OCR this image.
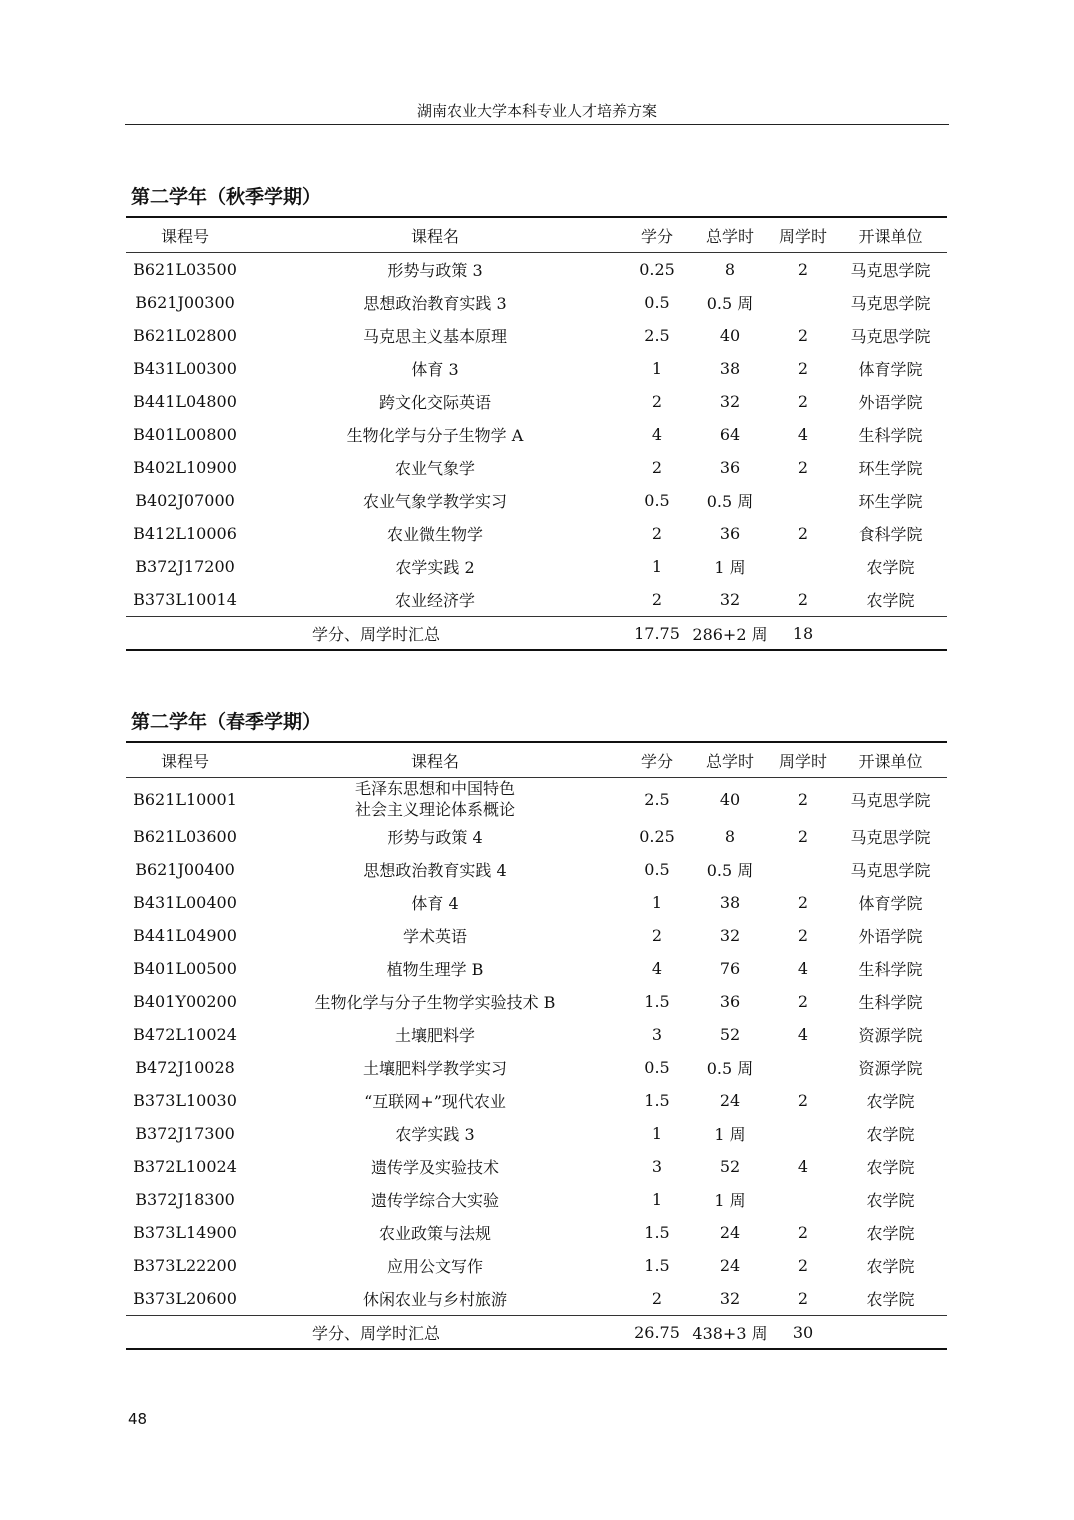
湖南农业大学本科专业人才培养方案
第二学年（秋季学期）
课程号	课程名	学分	总学时	周学时	开课单位
B621L03500	形势与政策 3	0.25	8	2	马克思学院
B621J00300	思想政治教育实践 3	0.5	0.5 周		马克思学院
B621L02800	马克思主义基本原理	2.5	40	2	马克思学院
B431L00300	体育 3	1	38	2	体育学院
B441L04800	跨文化交际英语	2	32	2	外语学院
B401L00800	生物化学与分子生物学 A	4	64	4	生科学院
B402L10900	农业气象学	2	36	2	环生学院
B402J07000	农业气象学教学实习	0.5	0.5 周		环生学院
B412L10006	农业微生物学	2	36	2	食科学院
B372J17200	农学实践 2	1	1 周		农学院
B373L10014	农业经济学	2	32	2	农学院
学分、周学时汇总		17.75	286+2 周	18	
第二学年（春季学期）
课程号	课程名	学分	总学时	周学时	开课单位
B621L10001	毛泽东思想和中国特色
社会主义理论体系概论	2.5	40	2	马克思学院
B621L03600	形势与政策 4	0.25	8	2	马克思学院
B621J00400	思想政治教育实践 4	0.5	0.5 周		马克思学院
B431L00400	体育 4	1	38	2	体育学院
B441L04900	学术英语	2	32	2	外语学院
B401L00500	植物生理学 B	4	76	4	生科学院
B401Y00200	生物化学与分子生物学实验技术 B	1.5	36	2	生科学院
B472L10024	土壤肥料学	3	52	4	资源学院
B472J10028	土壤肥料学教学实习	0.5	0.5 周		资源学院
B373L10030	“互联网+”现代农业	1.5	24	2	农学院
B372J17300	农学实践 3	1	1 周		农学院
B372L10024	遗传学及实验技术	3	52	4	农学院
B372J18300	遗传学综合大实验	1	1 周		农学院
B373L14900	农业政策与法规	1.5	24	2	农学院
B373L22200	应用公文写作	1.5	24	2	农学院
B373L20600	休闲农业与乡村旅游	2	32	2	农学院
学分、周学时汇总		26.75	438+3 周	30	
48
